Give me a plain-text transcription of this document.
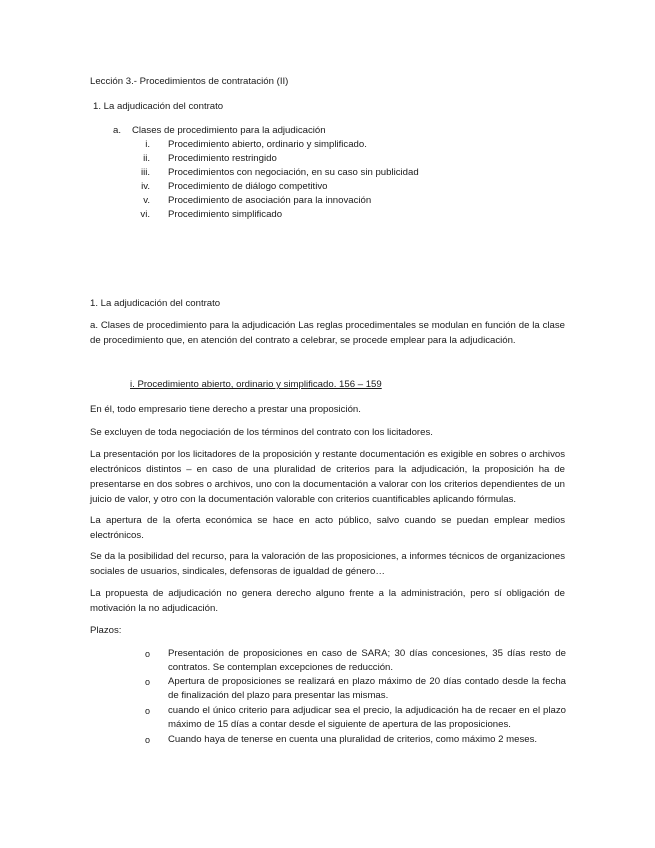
Lección 3.- Procedimientos de contratación (II)
1. La adjudicación del contrato
a. Clases de procedimiento para la adjudicación
i. Procedimiento abierto, ordinario y simplificado.
ii. Procedimiento restringido
iii. Procedimientos con negociación, en su caso sin publicidad
iv. Procedimiento de diálogo competitivo
v. Procedimiento de asociación para la innovación
vi. Procedimiento simplificado
1. La adjudicación del contrato
a. Clases de procedimiento para la adjudicación Las reglas procedimentales se modulan en función de la clase de procedimiento que, en atención del contrato a celebrar, se procede emplear para la adjudicación.
i. Procedimiento abierto, ordinario y simplificado. 156 – 159
En él, todo empresario tiene derecho a prestar una proposición.
Se excluyen de toda negociación de los términos del contrato con los licitadores.
La presentación por los licitadores de la proposición y restante documentación es exigible en sobres o archivos electrónicos distintos – en caso de una pluralidad de criterios para la adjudicación, la proposición ha de presentarse en dos sobres o archivos, uno con la documentación a valorar con los criterios dependientes de un juicio de valor, y otro con la documentación valorable con criterios cuantificables aplicando fórmulas.
La apertura de la oferta económica se hace en acto público, salvo cuando se puedan emplear medios electrónicos.
Se da la posibilidad del recurso, para la valoración de las proposiciones, a informes técnicos de organizaciones sociales de usuarios, sindicales, defensoras de igualdad de género…
La propuesta de adjudicación no genera derecho alguno frente a la administración, pero sí obligación de motivación la no adjudicación.
Plazos:
o Presentación de proposiciones en caso de SARA; 30 días concesiones, 35 días resto de contratos. Se contemplan excepciones de reducción.
o Apertura de proposiciones se realizará en plazo máximo de 20 días contado desde la fecha de finalización del plazo para presentar las mismas.
o cuando el único criterio para adjudicar sea el precio, la adjudicación ha de recaer en el plazo máximo de 15 días a contar desde el siguiente de apertura de las proposiciones.
o Cuando haya de tenerse en cuenta una pluralidad de criterios, como máximo 2 meses.
